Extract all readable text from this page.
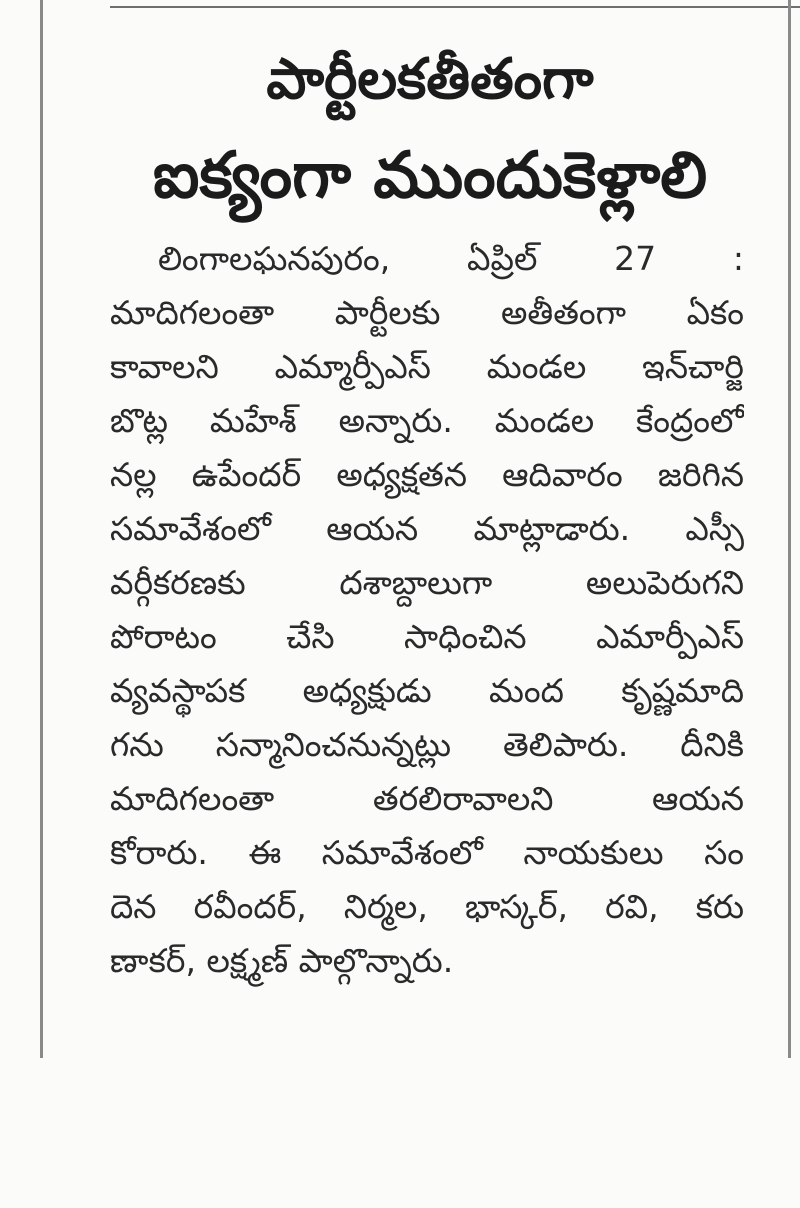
పార్టీలకతీతంగా
ఐక్యంగా ముందుకెళ్లాలి
లింగాలఘనపురం, ఏప్రిల్ 27 :
మాదిగలంతా పార్టీలకు అతీతంగా ఏకం
కావాలని ఎమ్మార్పీఎస్ మండల ఇన్‌చార్జి
బొట్ల మహేశ్ అన్నారు. మండల కేంద్రంలో
నల్ల ఉపేందర్ అధ్యక్షతన ఆదివారం జరిగిన
సమావేశంలో ఆయన మాట్లాడారు. ఎస్సీ
వర్గీకరణకు దశాబ్దాలుగా అలుపెరుగని
పోరాటం చేసి సాధించిన ఎమార్పీఎస్
వ్యవస్థాపక అధ్యక్షుడు మంద కృష్ణమాది
గను సన్మానించనున్నట్లు తెలిపారు. దీనికి
మాదిగలంతా తరలిరావాలని ఆయన
కోరారు. ఈ సమావేశంలో నాయకులు సం
దెన రవీందర్, నిర్మల, భాస్కర్, రవి, కరు
ణాకర్, లక్ష్మణ్ పాల్గొన్నారు.
